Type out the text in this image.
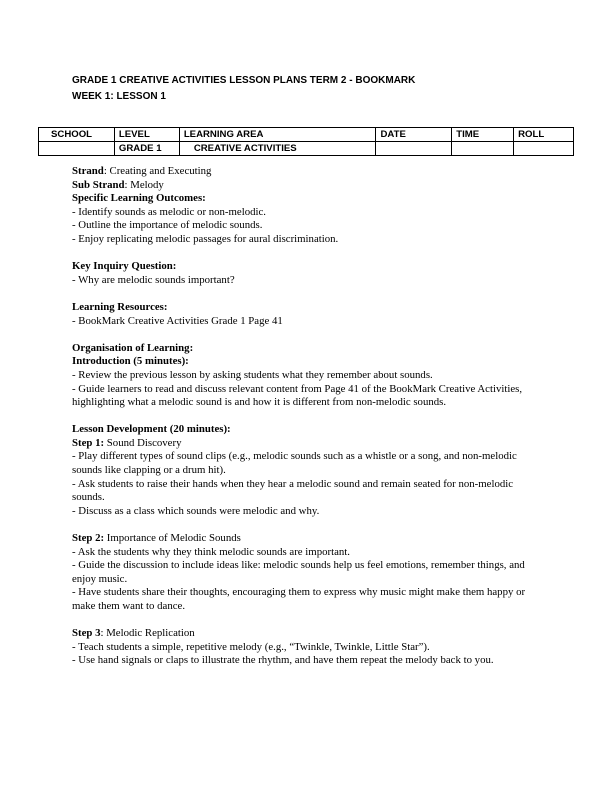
GRADE 1 CREATIVE ACTIVITIES LESSON PLANS TERM 2 - BOOKMARK
WEEK 1: LESSON 1
SCHOOL	LEVEL	LEARNING AREA	DATE	TIME	ROLL
	GRADE 1	CREATIVE ACTIVITIES			

Strand: Creating and Executing

Sub Strand: Melody

Specific Learning Outcomes:

- Identify sounds as melodic or non-melodic.

- Outline the importance of melodic sounds.

- Enjoy replicating melodic passages for aural discrimination.

Key Inquiry Question:

- Why are melodic sounds important?

Learning Resources:

- BookMark Creative Activities Grade 1 Page 41

Organisation of Learning:

Introduction (5 minutes):

- Review the previous lesson by asking students what they remember about sounds.

- Guide learners to read and discuss relevant content from Page 41 of the BookMark Creative Activities, highlighting what a melodic sound is and how it is different from non-melodic sounds.

Lesson Development (20 minutes):

Step 1: Sound Discovery

- Play different types of sound clips (e.g., melodic sounds such as a whistle or a song, and non-melodic sounds like clapping or a drum hit).

- Ask students to raise their hands when they hear a melodic sound and remain seated for non-melodic sounds.

- Discuss as a class which sounds were melodic and why.

Step 2: Importance of Melodic Sounds

- Ask the students why they think melodic sounds are important.

- Guide the discussion to include ideas like: melodic sounds help us feel emotions, remember things, and enjoy music.

- Have students share their thoughts, encouraging them to express why music might make them happy or make them want to dance.

Step 3: Melodic Replication

- Teach students a simple, repetitive melody (e.g., “Twinkle, Twinkle, Little Star”).

- Use hand signals or claps to illustrate the rhythm, and have them repeat the melody back to you.
